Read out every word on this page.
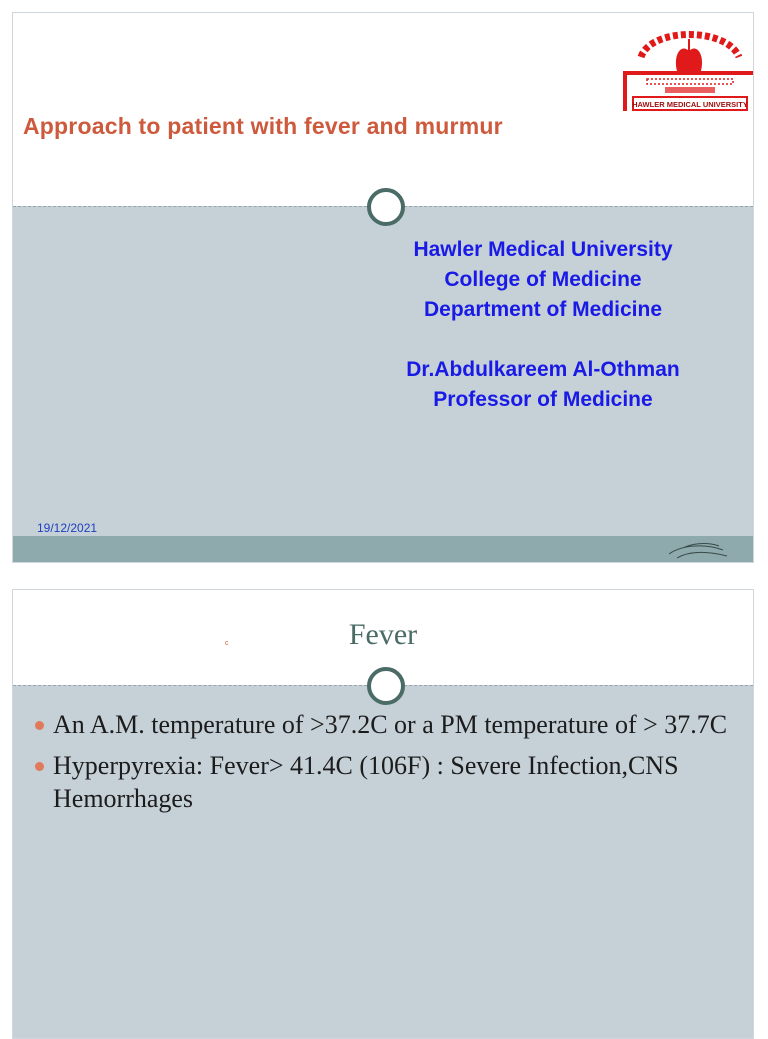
HAWLER MEDICAL UNIVERSITY
Approach to patient with fever and murmur
Hawler Medical University
College of Medicine
Department of Medicine
Dr.Abdulkareem Al-Othman
Professor of Medicine
19/12/2021
Fever
c
An A.M. temperature of >37.2C or a PM temperature of > 37.7C
Hyperpyrexia: Fever> 41.4C (106F) : Severe Infection,CNS Hemorrhages
